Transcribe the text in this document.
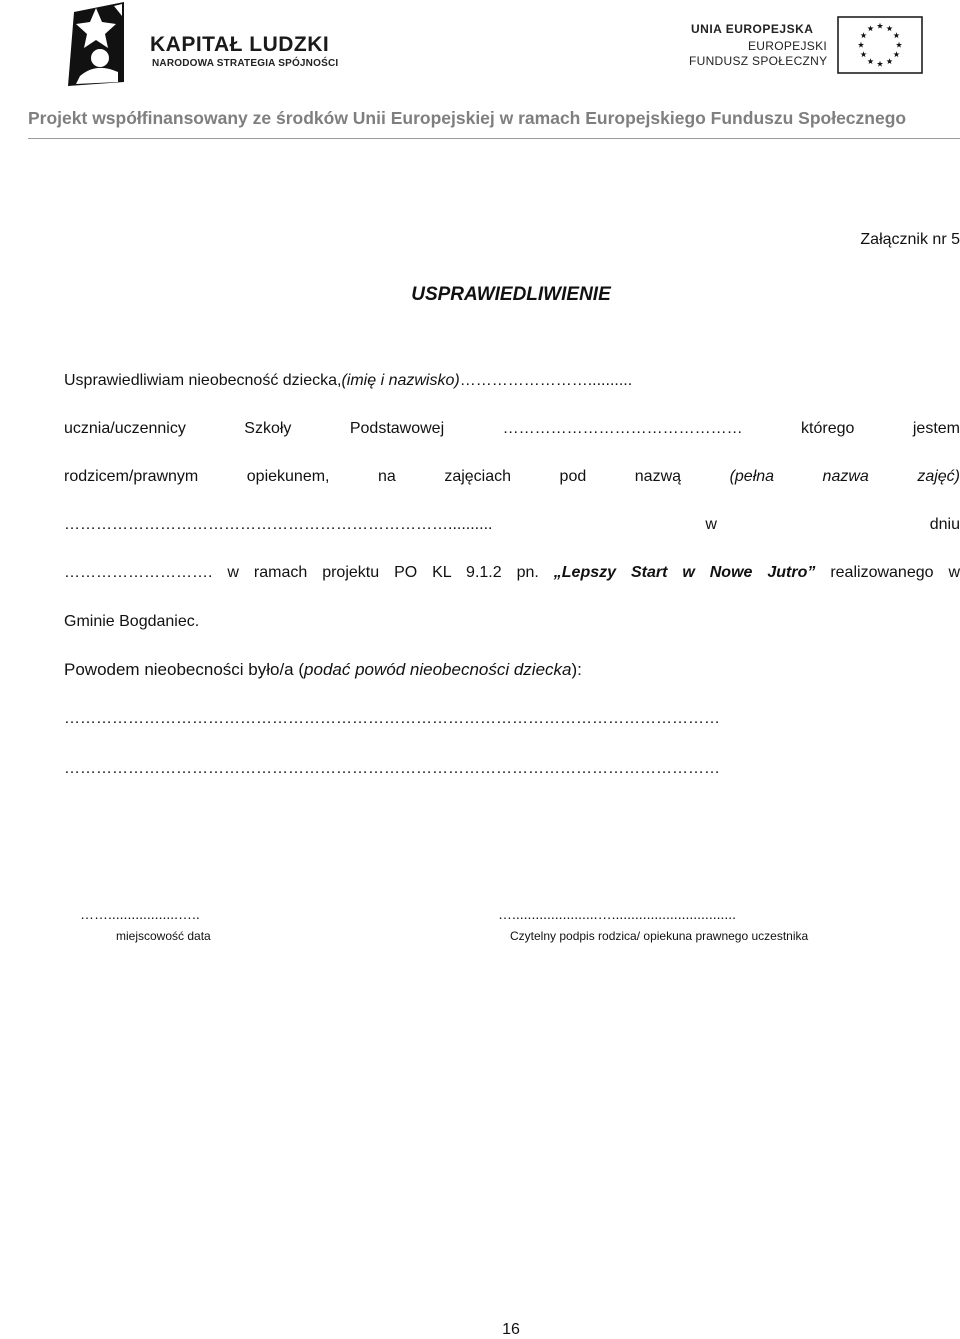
KAPITAŁ LUDZKI
NARODOWA STRATEGIA SPÓJNOŚCI
UNIA EUROPEJSKA
EUROPEJSKI
FUNDUSZ SPOŁECZNY
Projekt współfinansowany ze środków Unii Europejskiej w ramach Europejskiego Funduszu Społecznego
Załącznik nr 5
USPRAWIEDLIWIENIE
Usprawiedliwiam nieobecność dziecka,(imię i nazwisko)……………………..........
ucznia/uczennicy Szkoły Podstawowej	………………………………………	którego jestem
rodzicem/prawnym opiekunem, na zajęciach pod nazwą	(pełna nazwa zajęć)
………………………………………………………………..........	w dniu
………………………. w ramach projektu PO KL 9.1.2 pn. „Lepszy Start w Nowe Jutro” realizowanego w
Gminie Bogdaniec.
Powodem nieobecności było/a (podać powód nieobecności dziecka):
……………………………………………………………………………………………………………
……………………………………………………………………………………………………………
……..................…..
miejscowość data
…......................…................................
Czytelny podpis rodzica/ opiekuna prawnego uczestnika
16
